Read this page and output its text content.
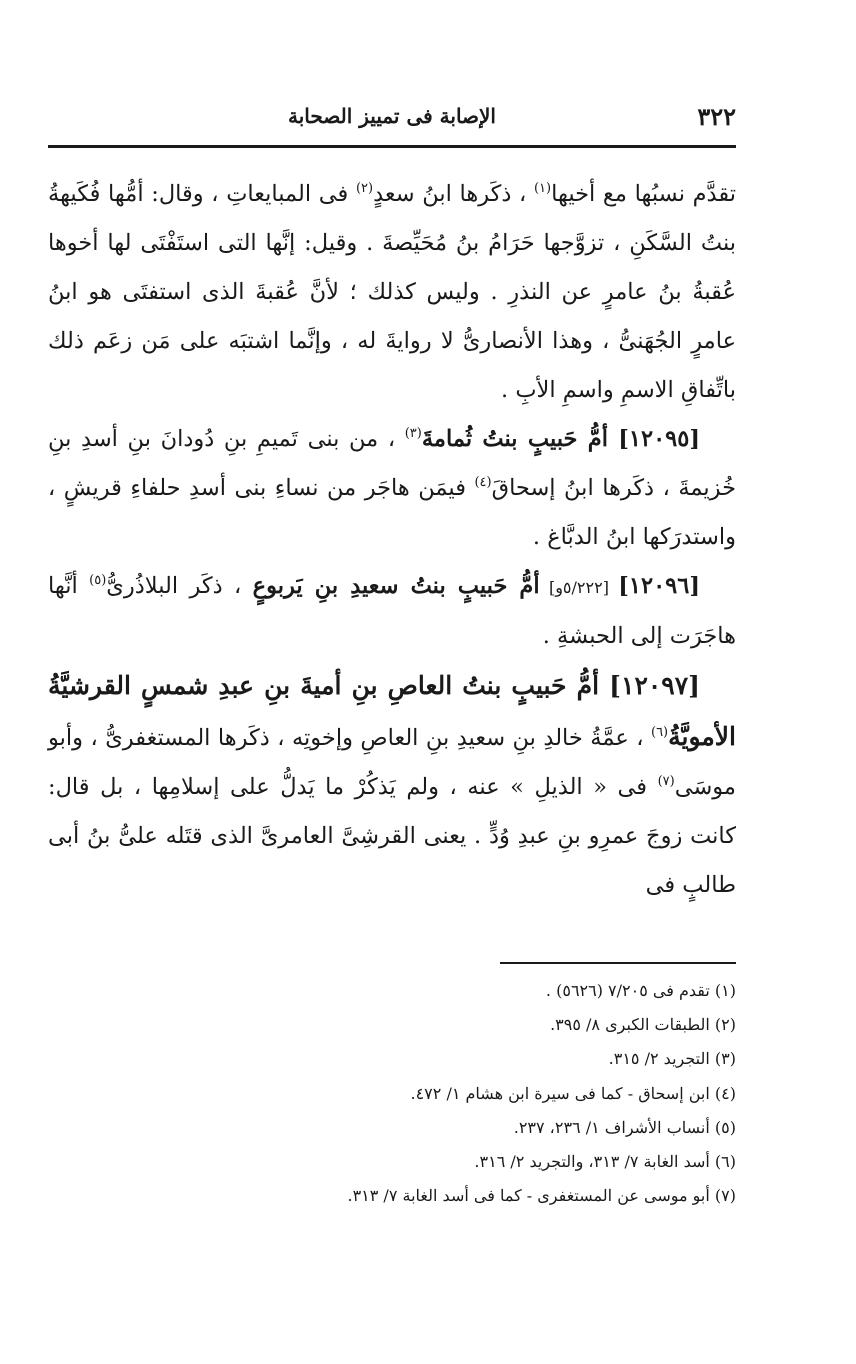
٣٢٢
الإصابة فى تمييز الصحابة

تقدَّم نسبُها مع أخيها$^{(١)}$ ، ذكَرها ابنُ سعدٍ$^{(٢)}$ فى المبايعاتِ ، وقال: أمُّها فُكَيهةُ بنتُ السَّكَنِ ، تزوَّجها حَرَامُ بنُ مُحَيِّصةَ . وقيل: إنَّها التى استَفْتَى لها أخوها عُقبةُ بنُ عامرٍ عن النذرِ . وليس كذلك ؛ لأنَّ عُقبةَ الذى استفتَى هو ابنُ عامرٍ الجُهَنىُّ ، وهذا الأنصارىُّ لا روايةَ له ، وإنَّما اشتبَه على مَن زعَم ذلك باتِّفاقِ الاسمِ واسمِ الأبِ .

[١٢٠٩٥] أمُّ حَبيبٍ بنتُ ثُمامةَ$^{(٣)}$ ، من بنى تَميمِ بنِ دُودانَ بنِ أسدِ بنِ خُزيمةَ ، ذكَرها ابنُ إسحاقَ$^{(٤)}$ فيمَن هاجَر من نساءِ بنى أسدِ حلفاءِ قريشٍ ، واستدرَكها ابنُ الدبَّاغ .

[١٢٠٩٦] [٥/٢٢٢و] أمُّ حَبيبٍ بنتُ سعيدِ بنِ يَربوعٍ ، ذكَر البلاذُرىُّ$^{(٥)}$ أنَّها هاجَرَت إلى الحبشةِ .

[١٢٠٩٧] أمُّ حَبيبٍ بنتُ العاصِ بنِ أميةَ بنِ عبدِ شمسٍ القرشيَّةُ الأمويَّةُ$^{(٦)}$ ، عمَّةُ خالدِ بنِ سعيدِ بنِ العاصِ وإخوتِه ، ذكَرها المستغفرىُّ ، وأبو موسَى$^{(٧)}$ فى « الذيلِ » عنه ، ولم يَذكُرْ ما يَدلُّ على إسلامِها ، بل قال: كانت زوجَ عمرِو بنِ عبدِ وُدٍّ . يعنى القرشِىَّ العامرىَّ الذى قتَله علىُّ بنُ أبى طالبٍ فى

(١) تقدم فى ٧/٢٠٥ (٥٦٢٦) .
(٢) الطبقات الكبرى ٨/ ٣٩٥.
(٣) التجريد ٢/ ٣١٥.
(٤) ابن إسحاق - كما فى سيرة ابن هشام ١/ ٤٧٢.
(٥) أنساب الأشراف ١/ ٢٣٦، ٢٣٧.
(٦) أسد الغابة ٧/ ٣١٣، والتجريد ٢/ ٣١٦.
(٧) أبو موسى عن المستغفرى - كما فى أسد الغابة ٧/ ٣١٣.
